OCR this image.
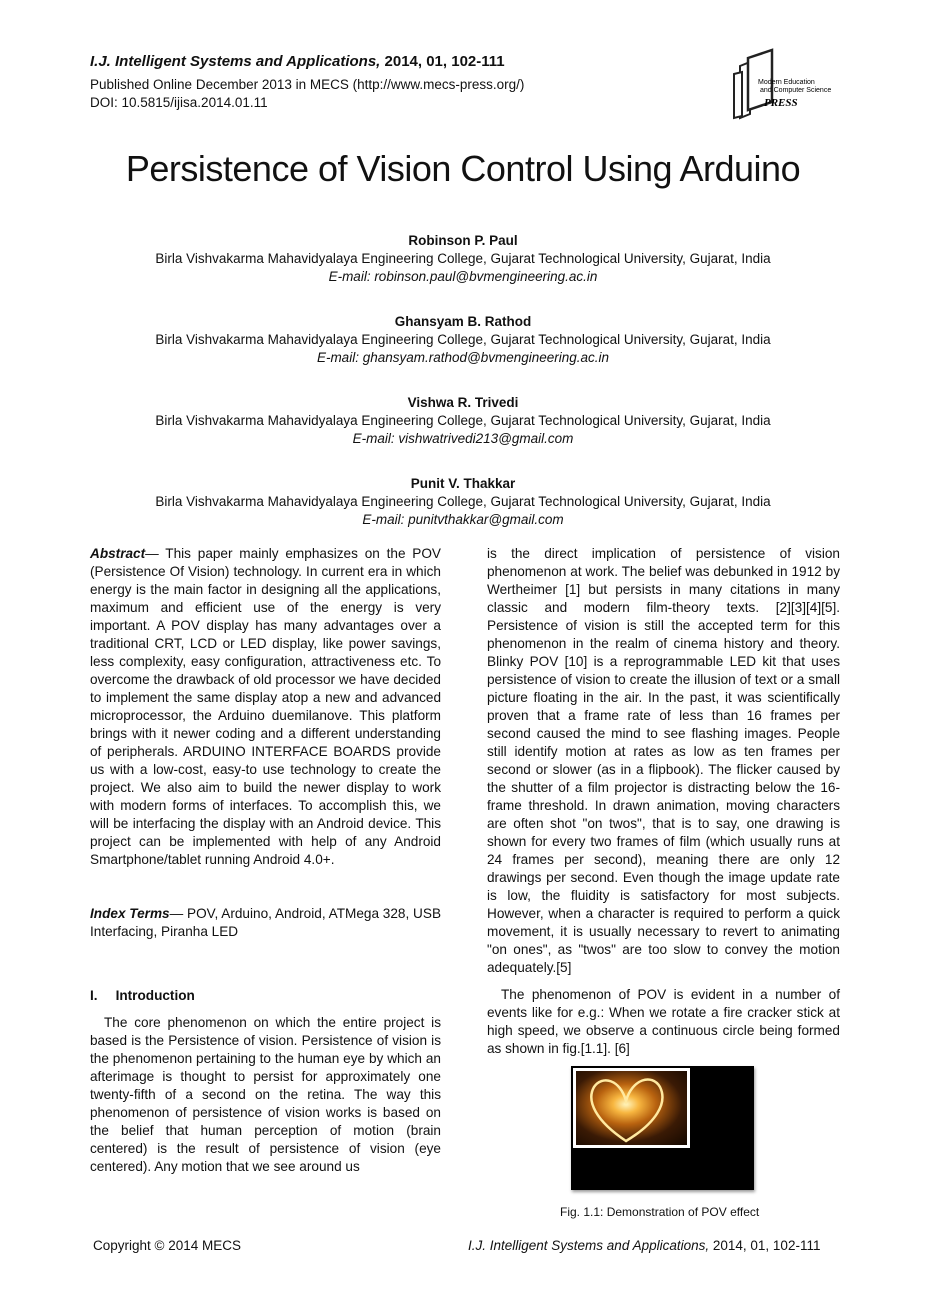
I.J. Intelligent Systems and Applications, 2014, 01, 102-111
Published Online December 2013 in MECS (http://www.mecs-press.org/)
DOI: 10.5815/ijisa.2014.01.11
Modern Education
and Computer Science
PRESS
Persistence of Vision Control Using Arduino
Robinson P. Paul
Birla Vishvakarma Mahavidyalaya Engineering College, Gujarat Technological University, Gujarat, India
E-mail: robinson.paul@bvmengineering.ac.in
Ghansyam B. Rathod
Birla Vishvakarma Mahavidyalaya Engineering College, Gujarat Technological University, Gujarat, India
E-mail: ghansyam.rathod@bvmengineering.ac.in
Vishwa R. Trivedi
Birla Vishvakarma Mahavidyalaya Engineering College, Gujarat Technological University, Gujarat, India
E-mail: vishwatrivedi213@gmail.com
Punit V. Thakkar
Birla Vishvakarma Mahavidyalaya Engineering College, Gujarat Technological University, Gujarat, India
E-mail: punitvthakkar@gmail.com

Abstract— This paper mainly emphasizes on the POV (Persistence Of Vision) technology. In current era in which energy is the main factor in designing all the applications, maximum and efficient use of the energy is very important. A POV display has many advantages over a traditional CRT, LCD or LED display, like power savings, less complexity, easy configuration, attractiveness etc. To overcome the drawback of old processor we have decided to implement the same display atop a new and advanced microprocessor, the Arduino duemilanove. This platform brings with it newer coding and a different understanding of peripherals. ARDUINO INTERFACE BOARDS provide us with a low-cost, easy-to use technology to create the project. We also aim to build the newer display to work with modern forms of interfaces. To accomplish this, we will be interfacing the display with an Android device. This project can be implemented with help of any Android Smartphone/tablet running Android 4.0+.

Index Terms— POV, Arduino, Android, ATMega 328, USB Interfacing, Piranha LED

I. Introduction

The core phenomenon on which the entire project is based is the Persistence of vision. Persistence of vision is the phenomenon pertaining to the human eye by which an afterimage is thought to persist for approximately one twenty-fifth of a second on the retina. The way this phenomenon of persistence of vision works is based on the belief that human perception of motion (brain centered) is the result of persistence of vision (eye centered). Any motion that we see around us

is the direct implication of persistence of vision phenomenon at work. The belief was debunked in 1912 by Wertheimer [1] but persists in many citations in many classic and modern film-theory texts. [2][3][4][5]. Persistence of vision is still the accepted term for this phenomenon in the realm of cinema history and theory. Blinky POV [10] is a reprogrammable LED kit that uses persistence of vision to create the illusion of text or a small picture floating in the air. In the past, it was scientifically proven that a frame rate of less than 16 frames per second caused the mind to see flashing images. People still identify motion at rates as low as ten frames per second or slower (as in a flipbook). The flicker caused by the shutter of a film projector is distracting below the 16-frame threshold. In drawn animation, moving characters are often shot "on twos", that is to say, one drawing is shown for every two frames of film (which usually runs at 24 frames per second), meaning there are only 12 drawings per second. Even though the image update rate is low, the fluidity is satisfactory for most subjects. However, when a character is required to perform a quick movement, it is usually necessary to revert to animating "on ones", as "twos" are too slow to convey the motion adequately.[5]

The phenomenon of POV is evident in a number of events like for e.g.: When we rotate a fire cracker stick at high speed, we observe a continuous circle being formed as shown in fig.[1.1]. [6]

Fig. 1.1: Demonstration of POV effect
Copyright © 2014 MECS	I.J. Intelligent Systems and Applications, 2014, 01, 102-111
